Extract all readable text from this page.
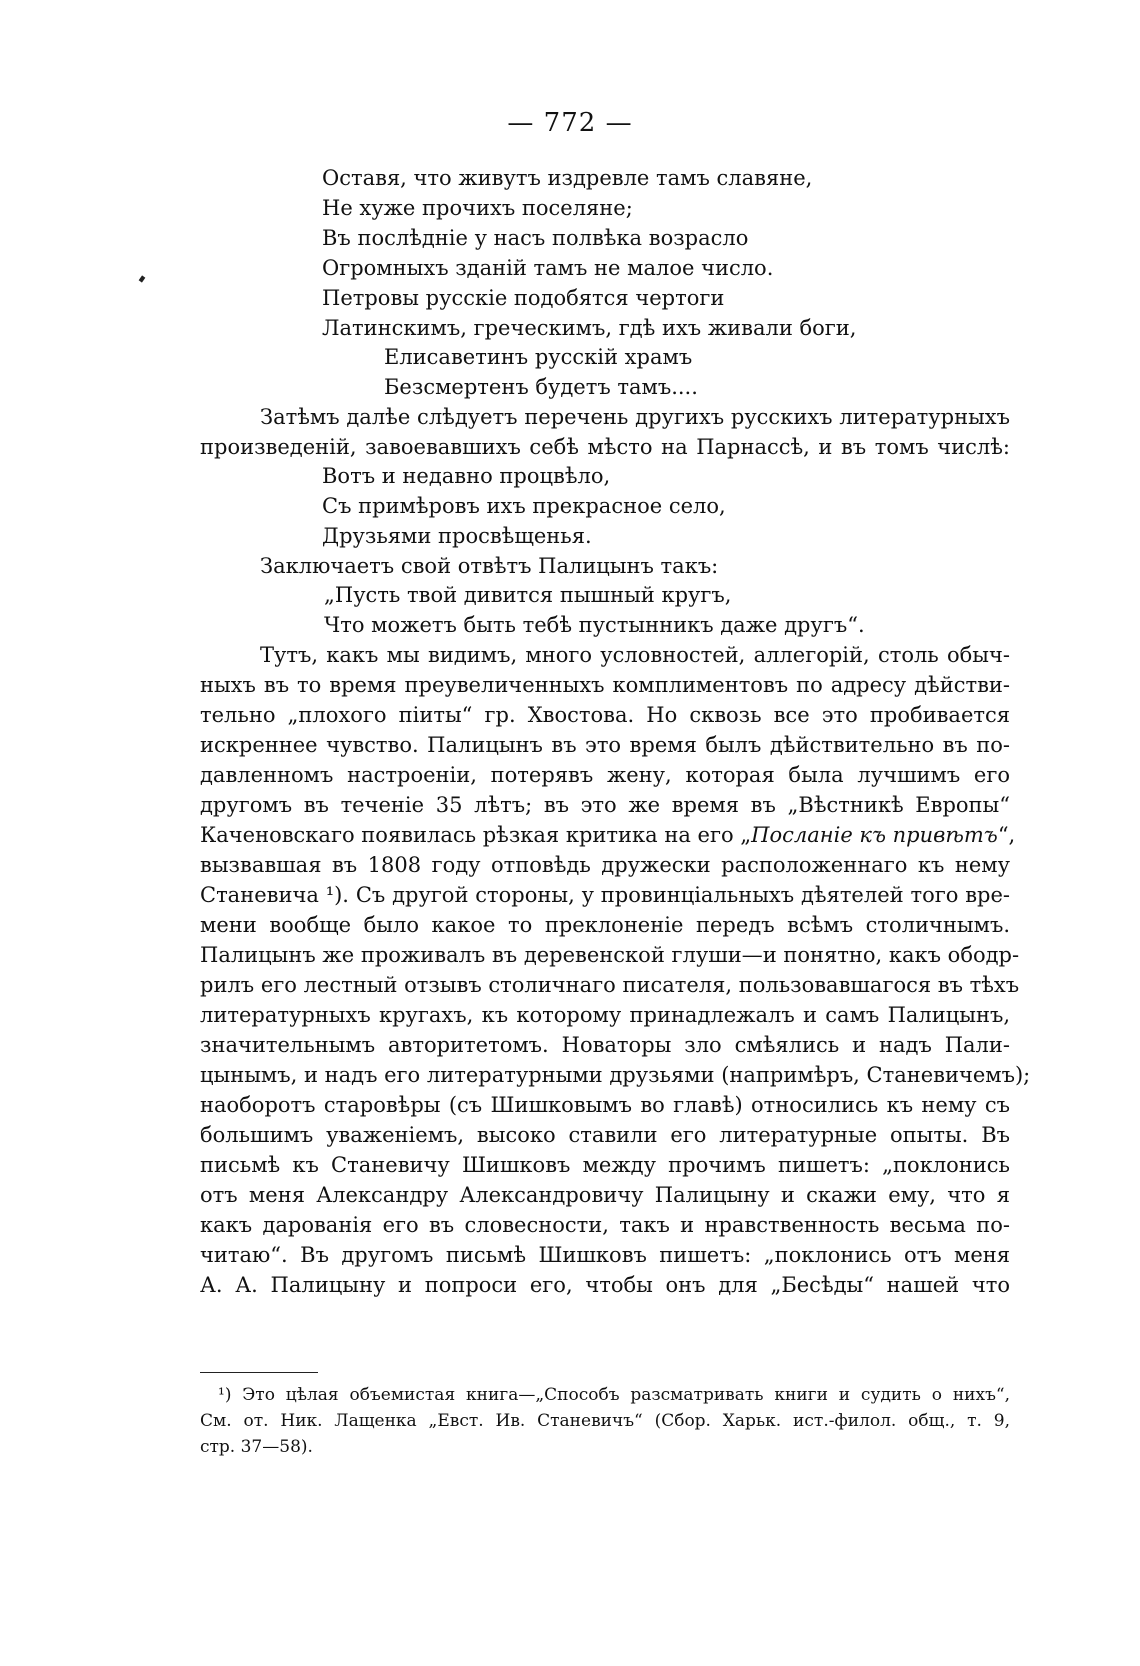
— 772 —
Оставя, что живутъ издревле тамъ славяне,
Не хуже прочихъ поселяне;
Въ послѣдніе у насъ полвѣка возрасло
Огромныхъ зданій тамъ не малое число.
Петровы русскіе подобятся чертоги
Латинскимъ, греческимъ, гдѣ ихъ живали боги,
Елисаветинъ русскій храмъ
Безсмертенъ будетъ тамъ....
Затѣмъ далѣе слѣдуетъ перечень другихъ русскихъ литературныхъ
произведеній, завоевавшихъ себѣ мѣсто на Парнассѣ, и въ томъ числѣ:
Вотъ и недавно процвѣло,
Съ примѣровъ ихъ прекрасное село,
Друзьями просвѣщенья.
Заключаетъ свой отвѣтъ Палицынъ такъ:
„Пусть твой дивится пышный кругъ,
Что можетъ быть тебѣ пустынникъ даже другъ“.
Тутъ, какъ мы видимъ, много условностей, аллегорій, столь обыч-
ныхъ въ то время преувеличенныхъ комплиментовъ по адресу дѣйстви-
тельно „плохого піиты“ гр. Хвостова. Но сквозь все это пробивается
искреннее чувство. Палицынъ въ это время былъ дѣйствительно въ по-
давленномъ настроеніи, потерявъ жену, которая была лучшимъ его
другомъ въ теченіе 35 лѣтъ; въ это же время въ „Вѣстникѣ Европы“
Каченовскаго появилась рѣзкая критика на его „Посланіе къ привѣтъ“,
вызвавшая въ 1808 году отповѣдь дружески расположеннаго къ нему
Станевича ¹). Съ другой стороны, у провинціальныхъ дѣятелей того вре-
мени вообще было какое то преклоненіе передъ всѣмъ столичнымъ.
Палицынъ же проживалъ въ деревенской глуши—и понятно, какъ ободр-
рилъ его лестный отзывъ столичнаго писателя, пользовавшагося въ тѣхъ
литературныхъ кругахъ, къ которому принадлежалъ и самъ Палицынъ,
значительнымъ авторитетомъ. Новаторы зло смѣялись и надъ Пали-
цынымъ, и надъ его литературными друзьями (напримѣръ, Станевичемъ);
наоборотъ старовѣры (съ Шишковымъ во главѣ) относились къ нему съ
большимъ уваженіемъ, высоко ставили его литературные опыты. Въ
письмѣ къ Станевичу Шишковъ между прочимъ пишетъ: „поклонись
отъ меня Александру Александровичу Палицыну и скажи ему, что я
какъ дарованія его въ словесности, такъ и нравственность весьма по-
читаю“. Въ другомъ письмѣ Шишковъ пишетъ: „поклонись отъ меня
А. А. Палицыну и попроси его, чтобы онъ для „Бесѣды“ нашей что
¹) Это цѣлая объемистая книга—„Способъ разсматривать книги и судить о нихъ“,
См. от. Ник. Лащенка „Евст. Ив. Станевичъ“ (Сбор. Харьк. ист.-филол. общ., т. 9,
стр. 37—58).
